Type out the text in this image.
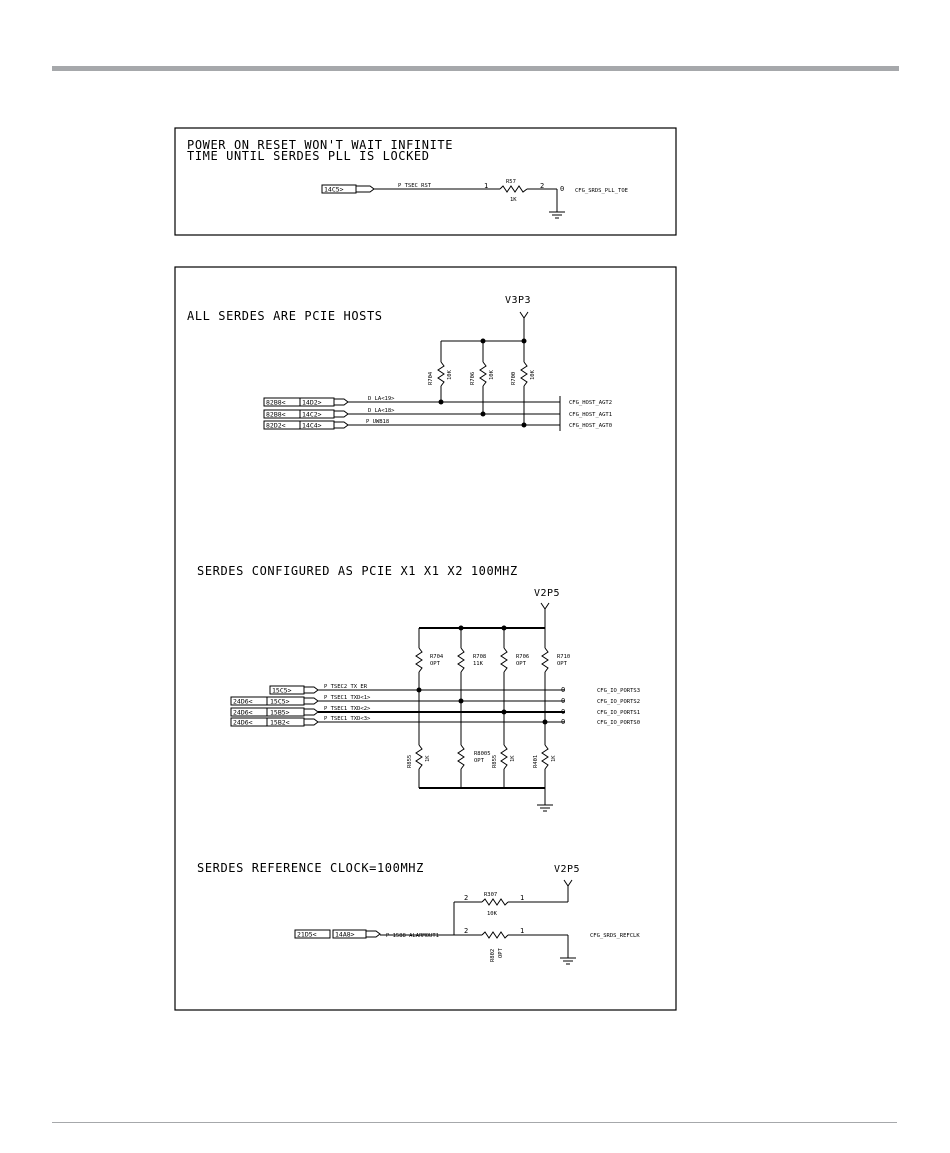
POWER ON RESET WON'T WAIT INFINITE
TIME UNTIL SERDES PLL IS LOCKED
14C5>	P TSEC RST	1	R57
1K
2 0 CFG_SRDS_PLL_TOE
ALL SERDES ARE PCIE HOSTS
V3P3
R704 10K	R706 10K	R700 10K
82B8<	14D2>	D LA<19>
CFG_HOST_AGT2
82B8<	14C2>	D LA<18>
CFG_HOST_AGT1
82D2<	14C4>	P UWB18
CFG_HOST_AGT0
SERDES CONFIGURED AS PCIE X1 X1 X2 100MHZ
V2P5
R704
OPT
R708
11K
R706
OPT
R710
OPT
15C5>	P TSEC2 TX ER	0	CFG_IO_PORTS3
24D6<	15C5>	P TSEC1 TXD<1>	0	CFG_IO_PORTS2
24D6<	15B5>	P TSEC1 TXD<2>	0	CFG_IO_PORTS1
24D6<	15B2<	P TSEC1 TXD<3>	0	CFG_IO_PORTS0
R855 1K
R8005
OPT R855 1K	R401 1K
SERDES REFERENCE CLOCK=100MHZ	V2P5
2	1
R307
10K
21D5<	14A8>	P 1588 ALARMOUT1
2	1
R802 OPT
CFG_SRDS_REFCLK
